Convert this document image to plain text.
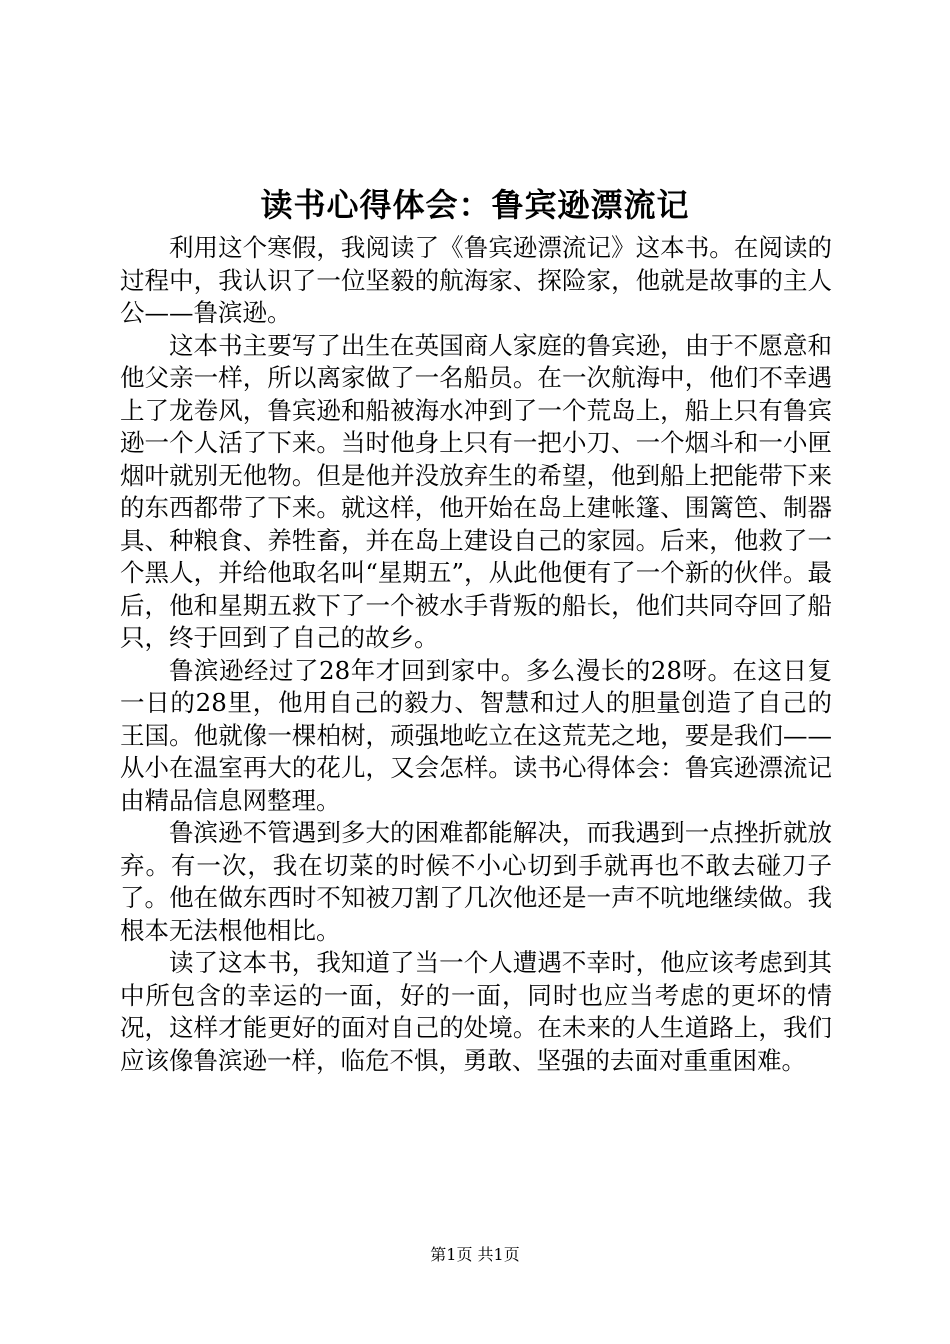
读书心得体会：鲁宾逊漂流记

利用这个寒假，我阅读了《鲁宾逊漂流记》这本书。在阅读的过程中，我认识了一位坚毅的航海家、探险家，他就是故事的主人公——鲁滨逊。

这本书主要写了出生在英国商人家庭的鲁宾逊，由于不愿意和他父亲一样，所以离家做了一名船员。在一次航海中，他们不幸遇上了龙卷风，鲁宾逊和船被海水冲到了一个荒岛上，船上只有鲁宾逊一个人活了下来。当时他身上只有一把小刀、一个烟斗和一小匣烟叶就别无他物。但是他并没放弃生的希望，他到船上把能带下来的东西都带了下来。就这样，他开始在岛上建帐篷、围篱笆、制器具、种粮食、养牲畜，并在岛上建设自己的家园。后来，他救了一个黑人，并给他取名叫“星期五”，从此他便有了一个新的伙伴。最后，他和星期五救下了一个被水手背叛的船长，他们共同夺回了船只，终于回到了自己的故乡。

鲁滨逊经过了28年才回到家中。多么漫长的28呀。在这日复一日的28里，他用自己的毅力、智慧和过人的胆量创造了自己的王国。他就像一棵柏树，顽强地屹立在这荒芜之地，要是我们——从小在温室再大的花儿，又会怎样。读书心得体会：鲁宾逊漂流记由精品信息网整理。

鲁滨逊不管遇到多大的困难都能解决，而我遇到一点挫折就放弃。有一次，我在切菜的时候不小心切到手就再也不敢去碰刀子了。他在做东西时不知被刀割了几次他还是一声不吭地继续做。我根本无法根他相比。

读了这本书，我知道了当一个人遭遇不幸时，他应该考虑到其中所包含的幸运的一面，好的一面，同时也应当考虑的更坏的情况，这样才能更好的面对自己的处境。在未来的人生道路上，我们应该像鲁滨逊一样，临危不惧，勇敢、坚强的去面对重重困难。

第1页 共1页
